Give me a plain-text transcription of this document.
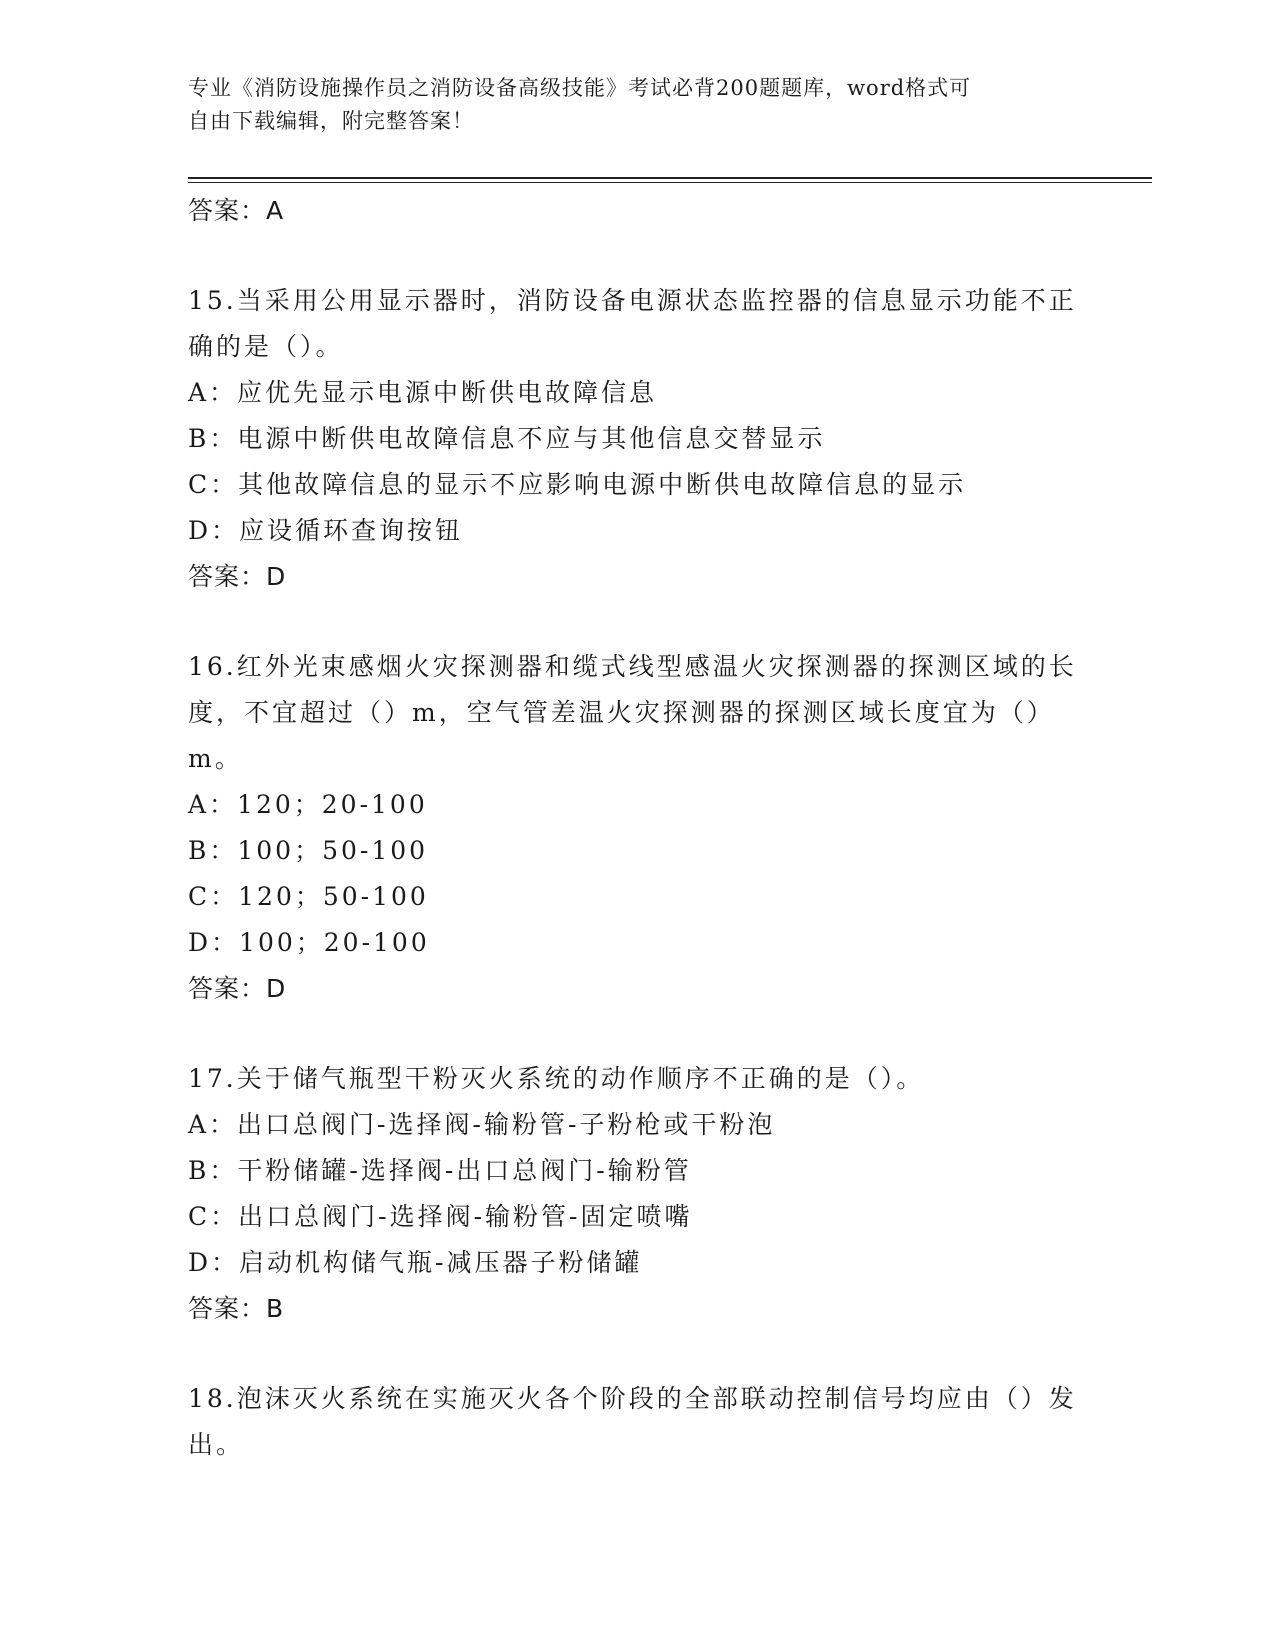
专业《消防设施操作员之消防设备高级技能》考试必背200题题库，word格式可
自由下载编辑，附完整答案！

答案：A

15.当采用公用显示器时，消防设备电源状态监控器的信息显示功能不正确的是（）。

A：应优先显示电源中断供电故障信息

B：电源中断供电故障信息不应与其他信息交替显示

C：其他故障信息的显示不应影响电源中断供电故障信息的显示

D：应设循环查询按钮

答案：D

16.红外光束感烟火灾探测器和缆式线型感温火灾探测器的探测区域的长度，不宜超过（）m，空气管差温火灾探测器的探测区域长度宜为（）m。

A：120；20-100

B：100；50-100

C：120；50-100

D：100；20-100

答案：D

17.关于储气瓶型干粉灭火系统的动作顺序不正确的是（）。

A：出口总阀门-选择阀-输粉管-子粉枪或干粉泡

B：干粉储罐-选择阀-出口总阀门-输粉管

C：出口总阀门-选择阀-输粉管-固定喷嘴

D：启动机构储气瓶-减压器子粉储罐

答案：B

18.泡沫灭火系统在实施灭火各个阶段的全部联动控制信号均应由（）发出。
